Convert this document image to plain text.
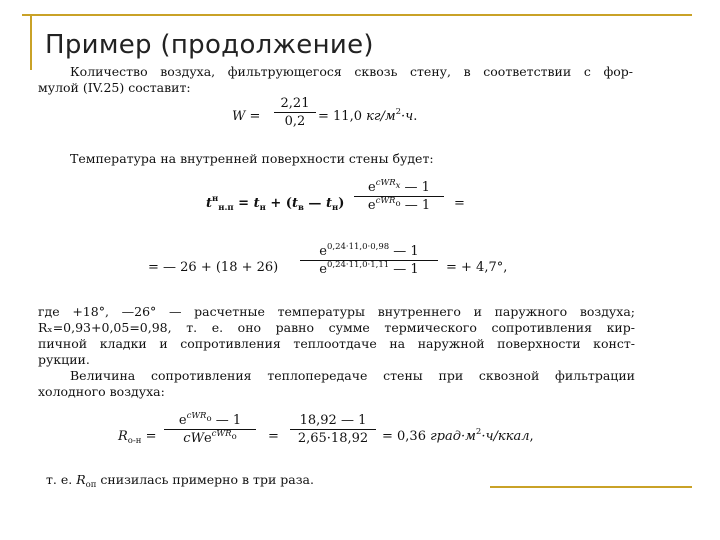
Пример (продолжение)
Количество воздуха, фильтрующегося сквозь стену, в соответствии с фор-
мулой (IV.25) составит:
$W = \frac{2,21}{0,2} = 11,0$ $кг/м^2\cdot ч$.
Температура на внутренней поверхности стены будет:
$t^н_{н.п} = t_н + (t_в$ — $t_н$)
$e^{cWR_x}$ — 1
$e^{cWR_о}$ — 1	=
= — $26 + (18 + 26) \frac{e^{0,24\cdot 11,0\cdot 0,98} — 1}{e^{0,24\cdot 11,0\cdot 1,11} — 1}$ = + 4,7°,
где +18°, —26° — расчетные температуры внутреннего и паружного воздуха;
Rₓ=0,93+0,05=0,98, т. е. оно равно сумме термического сопротивления кир-
пичной кладки и сопротивления теплоотдаче на наружной поверхности конст-
рукции.
Величина сопротивления теплопередаче стены при сквозной фильтрации
холодного воздуха:
$R_{о-н}$ =
$e^{cWR_о}$ — 1
cWe$^{cWR_о}$	= $\frac{18,92 — 1}{2,65\cdot 18,92} = 0,36$ $град\cdot м^2\cdot ч$/ккал,
т. е. $R_{оп}$ снизилась примерно в три раза.
